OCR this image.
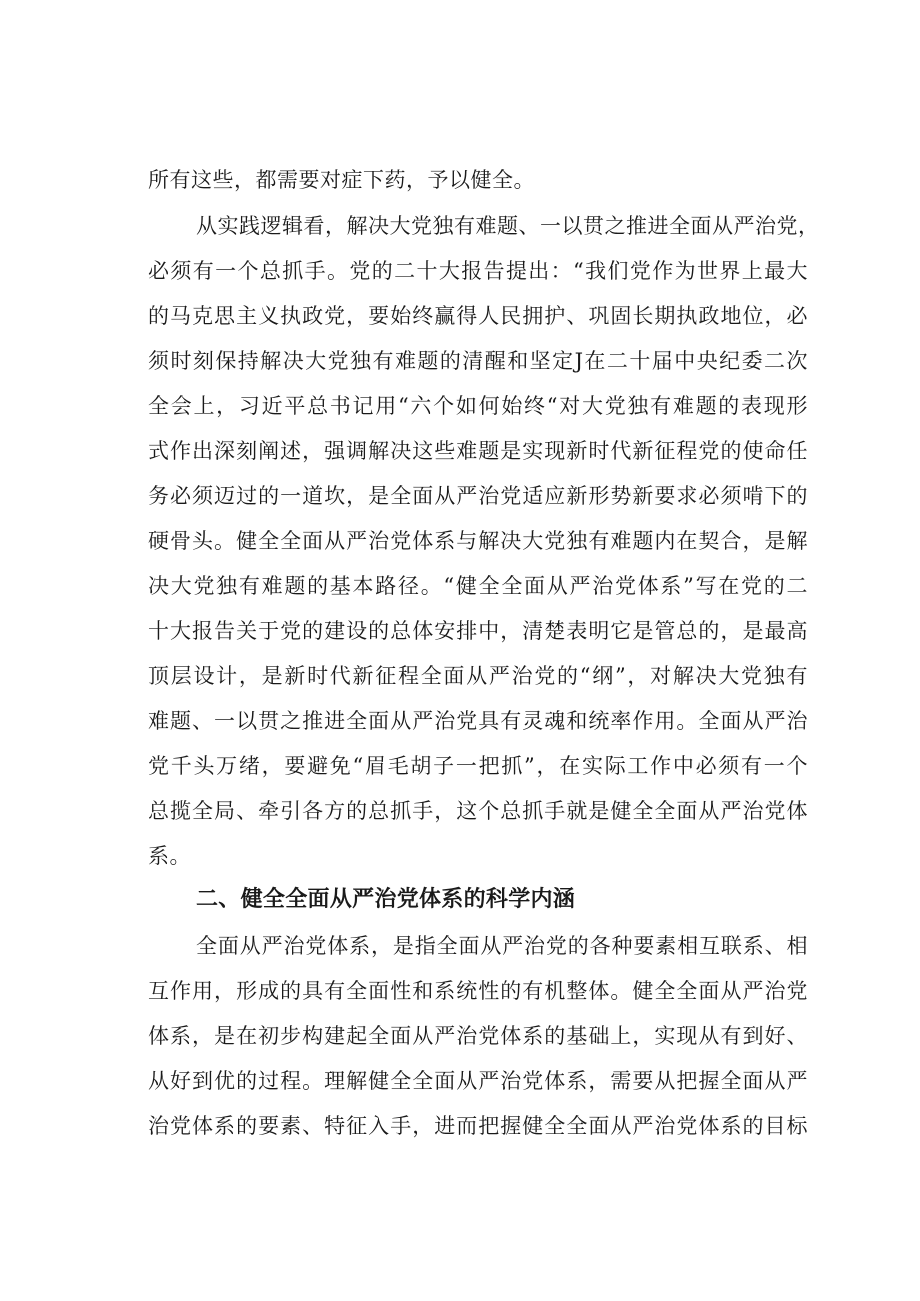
所有这些，都需要对症下药，予以健全。
从实践逻辑看，解决大党独有难题、一以贯之推进全面从严治党，
必须有一个总抓手。党的二十大报告提出：“我们党作为世界上最大
的马克思主义执政党，要始终赢得人民拥护、巩固长期执政地位，必
须时刻保持解决大党独有难题的清醒和坚定J在二十届中央纪委二次
全会上，习近平总书记用“六个如何始终“对大党独有难题的表现形
式作出深刻阐述，强调解决这些难题是实现新时代新征程党的使命任
务必须迈过的一道坎，是全面从严治党适应新形势新要求必须啃下的
硬骨头。健全全面从严治党体系与解决大党独有难题内在契合，是解
决大党独有难题的基本路径。“健全全面从严治党体系”写在党的二
十大报告关于党的建设的总体安排中，清楚表明它是管总的，是最高
顶层设计，是新时代新征程全面从严治党的“纲”，对解决大党独有
难题、一以贯之推进全面从严治党具有灵魂和统率作用。全面从严治
党千头万绪，要避免“眉毛胡子一把抓”，在实际工作中必须有一个
总揽全局、牵引各方的总抓手，这个总抓手就是健全全面从严治党体
系。
二、健全全面从严治党体系的科学内涵
全面从严治党体系，是指全面从严治党的各种要素相互联系、相
互作用，形成的具有全面性和系统性的有机整体。健全全面从严治党
体系，是在初步构建起全面从严治党体系的基础上，实现从有到好、
从好到优的过程。理解健全全面从严治党体系，需要从把握全面从严
治党体系的要素、特征入手，进而把握健全全面从严治党体系的目标
